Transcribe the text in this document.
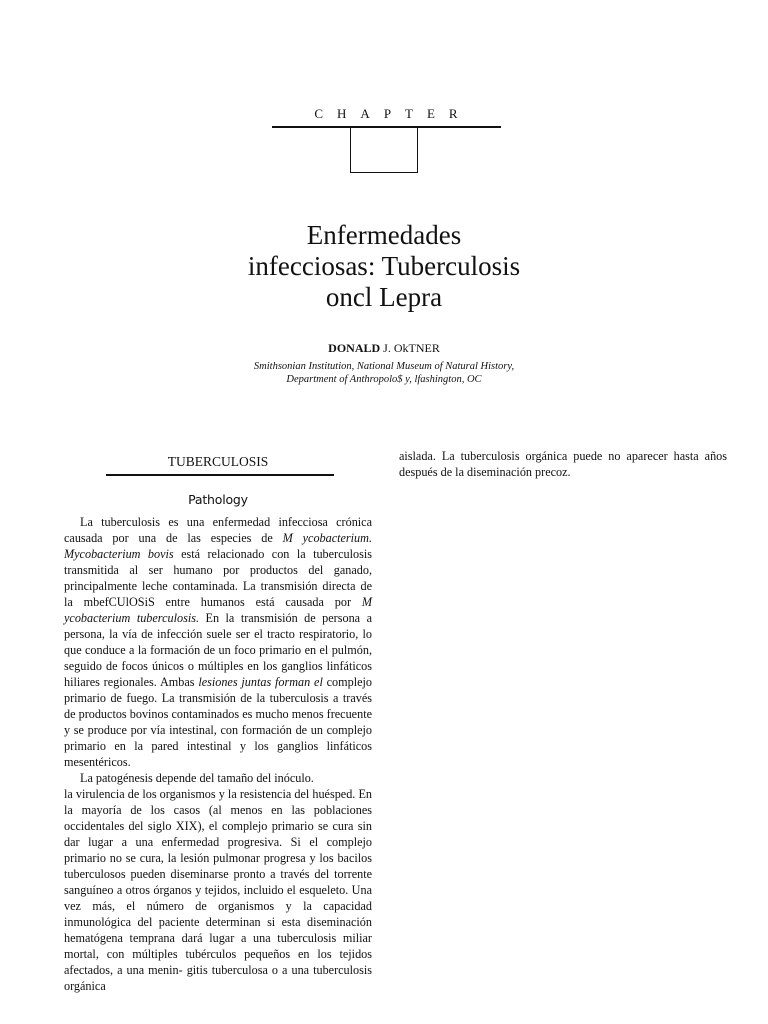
CHAPTER
Enfermedades
infecciosas: Tuberculosis
oncl Lepra
DONALD J. OkTNER
Smithsonian Institution, National Museum of Natural History,
Department of Anthropolo$ y, lfashington, OC
TUBERCULOSIS
Pathology

La tuberculosis es una enfermedad infecciosa crónica causada por una de las especies de M ycobacterium. Mycobacterium bovis está relacionado con la tuberculosis transmitida al ser humano por productos del ganado, principalmente leche contaminada. La transmisión directa de la mbefCUlOSiS entre humanos está causada por M ycobacterium tuberculosis. En la transmisión de persona a persona, la vía de infección suele ser el tracto respiratorio, lo que conduce a la formación de un foco primario en el pulmón, seguido de focos únicos o múltiples en los ganglios linfáticos hiliares regionales. Ambas lesiones juntas forman el complejo primario de fuego. La transmisión de la tuberculosis a través de productos bovinos contaminados es mucho menos frecuente y se produce por vía intestinal, con formación de un complejo primario en la pared intestinal y los ganglios linfáticos mesentéricos.

La patogénesis depende del tamaño del inóculo.

la virulencia de los organismos y la resistencia del huésped. En la mayoría de los casos (al menos en las poblaciones occidentales del siglo XIX), el complejo primario se cura sin dar lugar a una enfermedad progresiva. Si el complejo primario no se cura, la lesión pulmonar progresa y los bacilos tuberculosos pueden diseminarse pronto a través del torrente sanguíneo a otros órganos y tejidos, incluido el esqueleto. Una vez más, el número de organismos y la capacidad inmunológica del paciente determinan si esta diseminación hematógena temprana dará lugar a una tuberculosis miliar mortal, con múltiples tubérculos pequeños en los tejidos afectados, a una menin- gitis tuberculosa o a una tuberculosis orgánica

aislada. La tuberculosis orgánica puede no aparecer hasta años después de la diseminación precoz.
